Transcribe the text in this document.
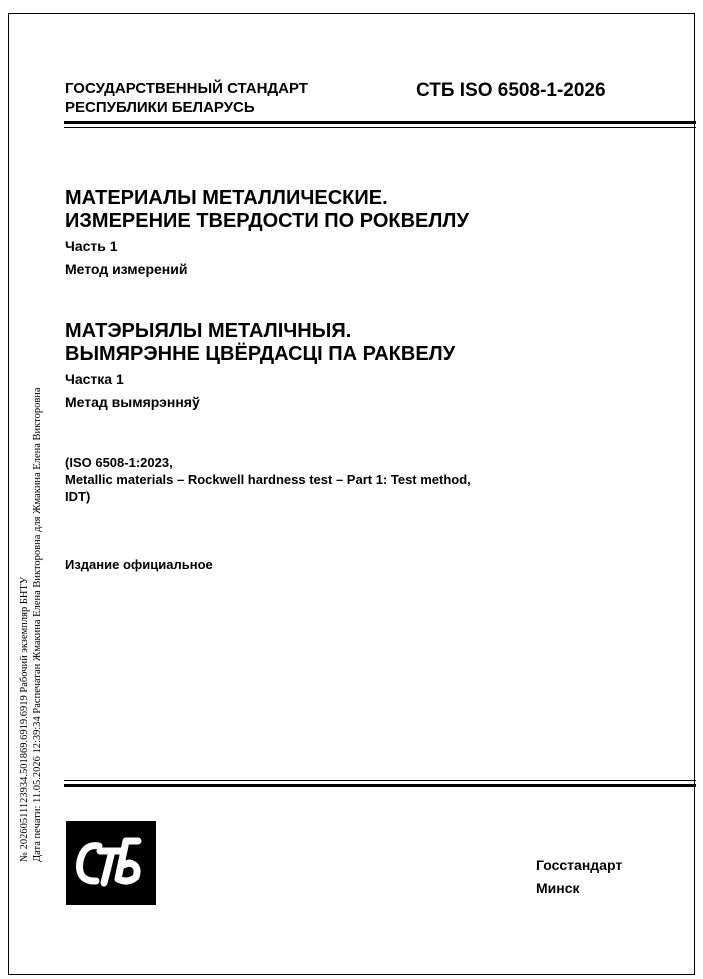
ГОСУДАРСТВЕННЫЙ СТАНДАРТ

РЕСПУБЛИКИ БЕЛАРУСЬ

СТБ ISO 6508-1-2026

МАТЕРИАЛЫ МЕТАЛЛИЧЕСКИЕ.

ИЗМЕРЕНИЕ ТВЕРДОСТИ ПО РОКВЕЛЛУ

Часть 1

Метод измерений

МАТЭРЫЯЛЫ МЕТАЛІЧНЫЯ.

ВЫМЯРЭННЕ ЦВЁРДАСЦІ ПА РАКВЕЛУ

Частка 1

Метад вымярэнняў

(ISO 6508-1:2023,

Metallic materials – Rockwell hardness test – Part 1: Test method,

IDT)

Издание официальное

№ 20260511123934.501869.6919.6919 Рабочий экземпляр БНТУ Дата печати: 11.05.2026 12:39:34 Распечатан Жмакина Елена Викторовна для Жмакина Елена Викторовна

Госстандарт

Минск
